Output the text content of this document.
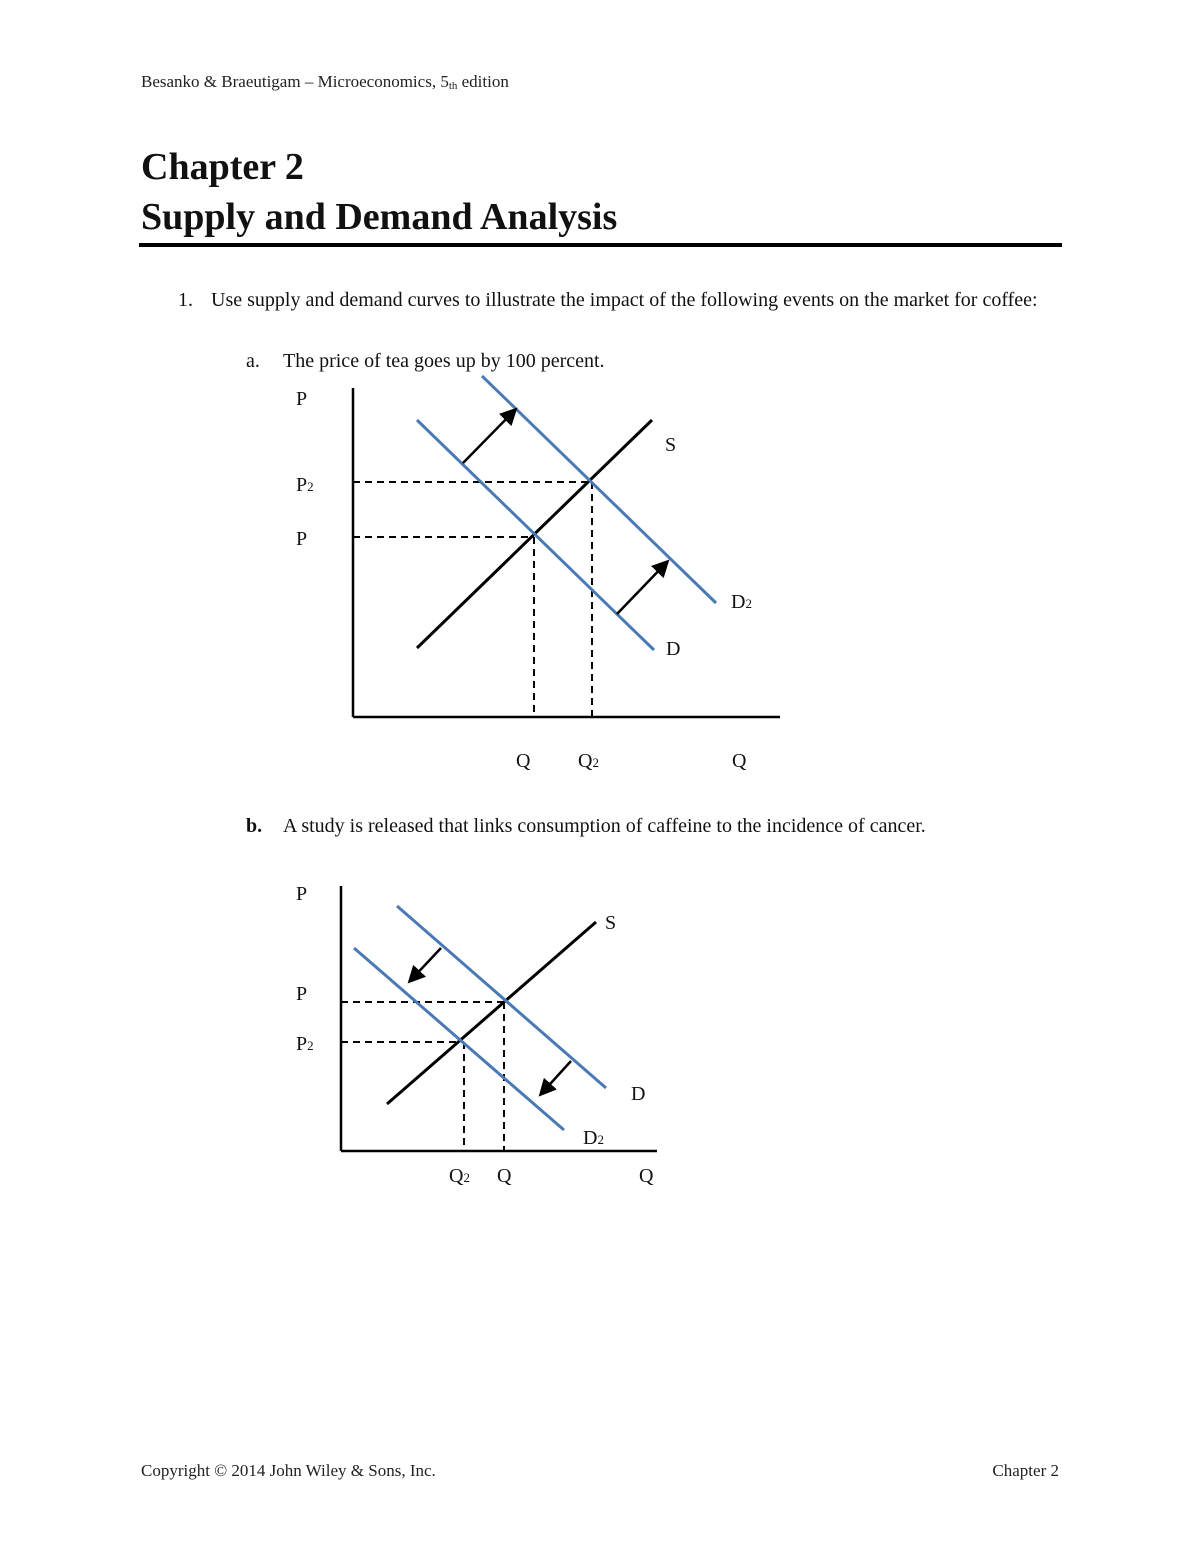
Besanko & Braeutigam – Microeconomics, $5_{th}$ edition
Chapter 2
Supply and Demand Analysis
1. Use supply and demand curves to illustrate the impact of the following events on the market for coffee:
a. The price of tea goes up by 100 percent.
b. A study is released that links consumption of caffeine to the incidence of cancer.
P
P2
P
S
D2
D
Q Q2	Q
P
P
P2
S
D
D2
Q2 Q	Q
Copyright © 2014 John Wiley & Sons, Inc.	Chapter 2
